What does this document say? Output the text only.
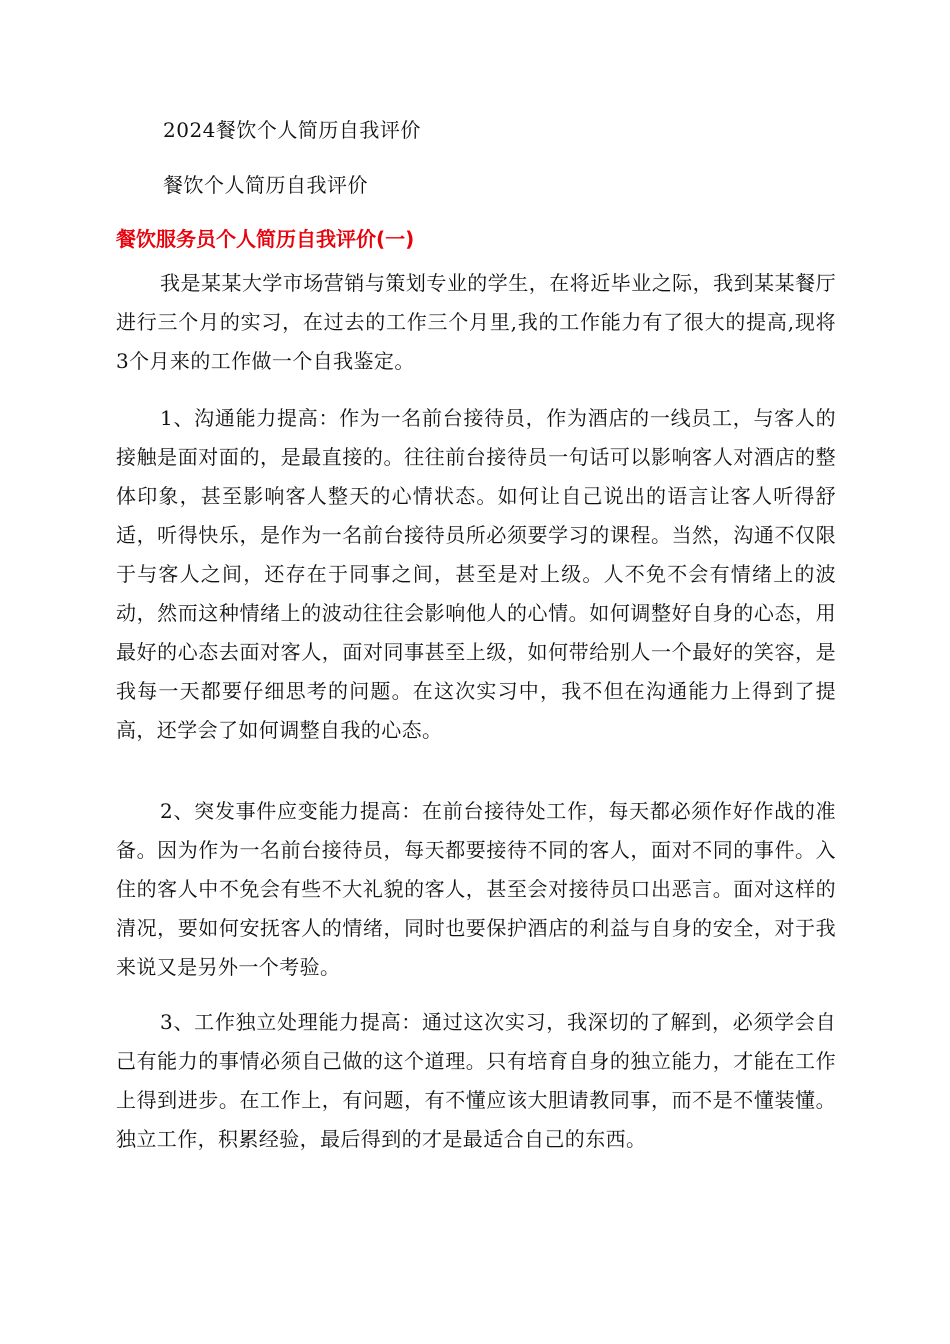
2024餐饮个人简历自我评价
餐饮个人简历自我评价
餐饮服务员个人简历自我评价(一)

我是某某大学市场营销与策划专业的学生，在将近毕业之际，我到某某餐厅进行三个月的实习，在过去的工作三个月里,我的工作能力有了很大的提高,现将3个月来的工作做一个自我鉴定。

1、沟通能力提高：作为一名前台接待员，作为酒店的一线员工，与客人的接触是面对面的，是最直接的。往往前台接待员一句话可以影响客人对酒店的整体印象，甚至影响客人整天的心情状态。如何让自己说出的语言让客人听得舒适，听得快乐，是作为一名前台接待员所必须要学习的课程。当然，沟通不仅限于与客人之间，还存在于同事之间，甚至是对上级。人不免不会有情绪上的波动，然而这种情绪上的波动往往会影响他人的心情。如何调整好自身的心态，用最好的心态去面对客人，面对同事甚至上级，如何带给别人一个最好的笑容，是我每一天都要仔细思考的问题。在这次实习中，我不但在沟通能力上得到了提高，还学会了如何调整自我的心态。

2、突发事件应变能力提高：在前台接待处工作，每天都必须作好作战的准备。因为作为一名前台接待员，每天都要接待不同的客人，面对不同的事件。入住的客人中不免会有些不大礼貌的客人，甚至会对接待员口出恶言。面对这样的清况，要如何安抚客人的情绪，同时也要保护酒店的利益与自身的安全，对于我来说又是另外一个考验。

3、工作独立处理能力提高：通过这次实习，我深切的了解到，必须学会自己有能力的事情必须自己做的这个道理。只有培育自身的独立能力，才能在工作上得到进步。在工作上，有问题，有不懂应该大胆请教同事，而不是不懂装懂。独立工作，积累经验，最后得到的才是最适合自己的东西。
